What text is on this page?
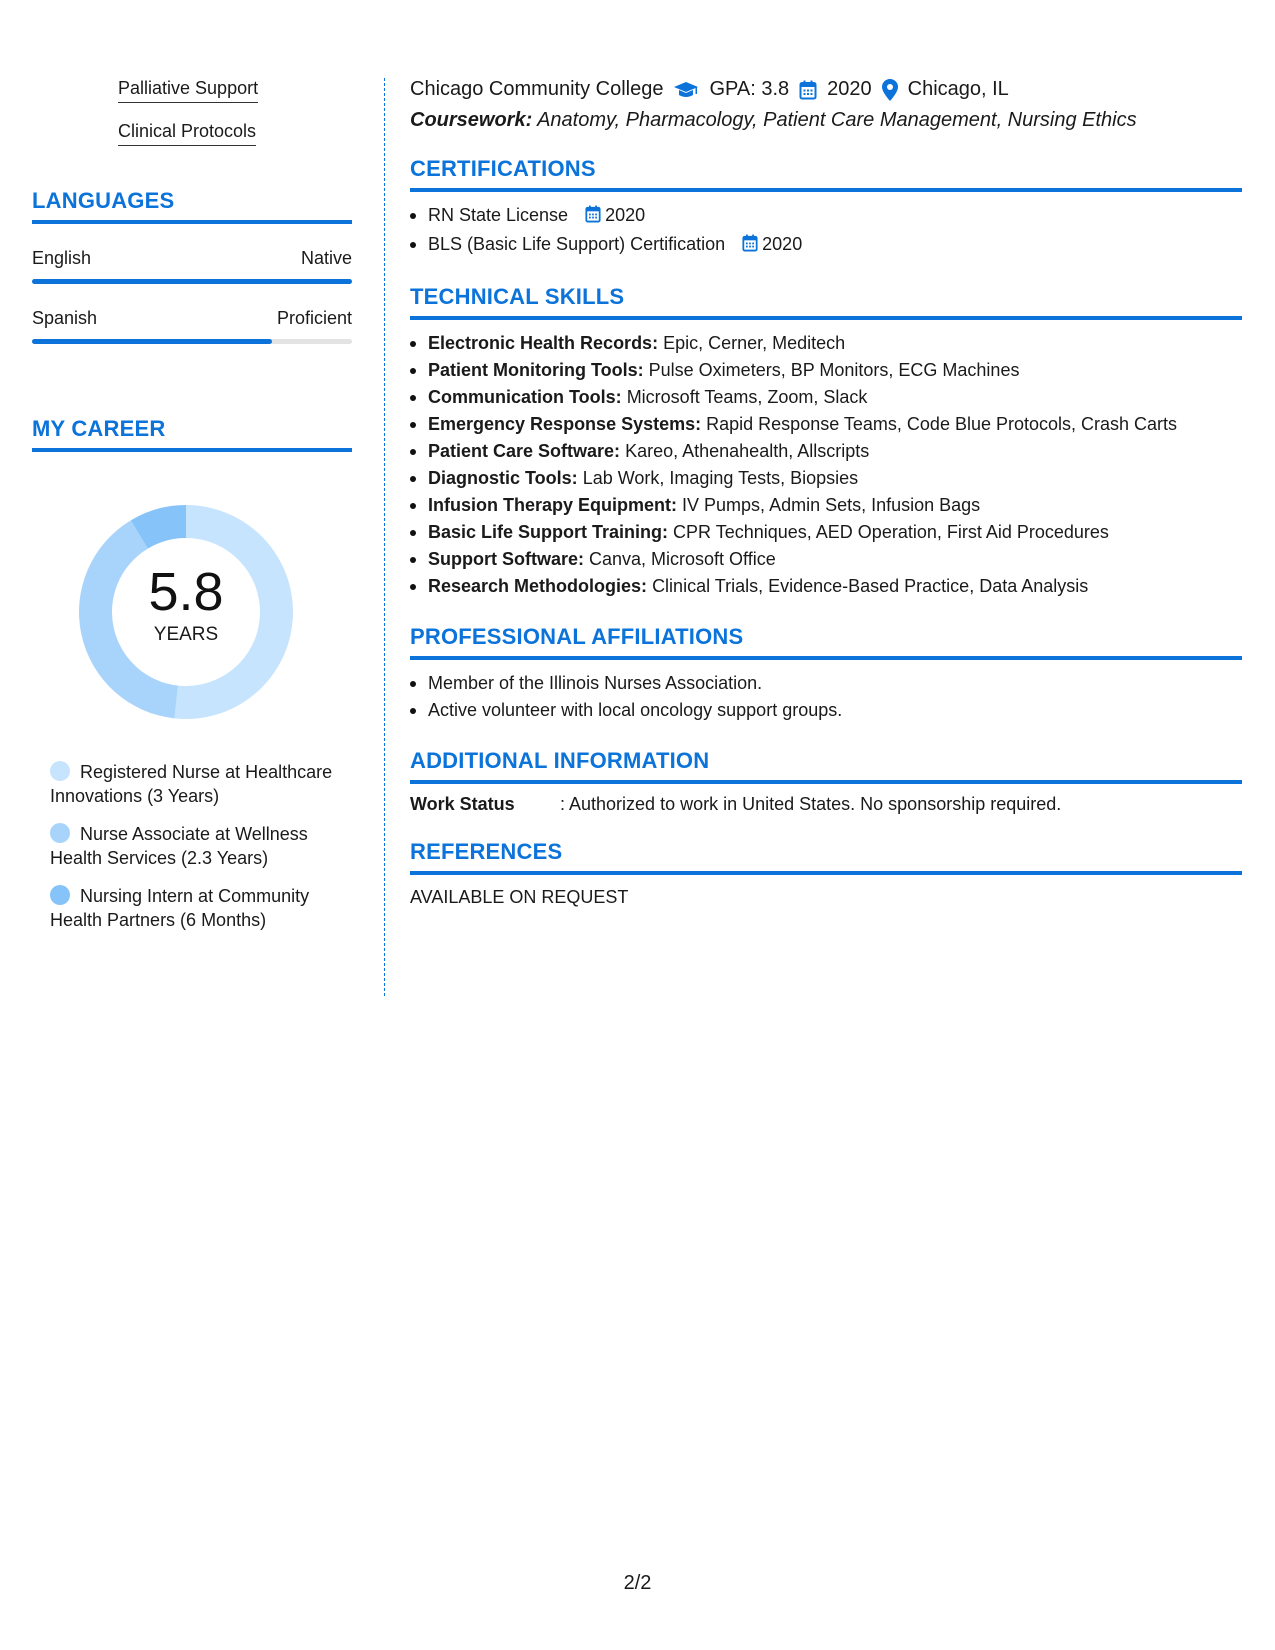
Palliative Support
Clinical Protocols
LANGUAGES
English	Native
Spanish	Proficient
MY CAREER
5.8
YEARS
Registered Nurse at Healthcare Innovations (3 Years)
Nurse Associate at Wellness Health Services (2.3 Years)
Nursing Intern at Community Health Partners (6 Months)
Chicago Community College GPA: 3.8 2020 Chicago, IL
Coursework: Anatomy, Pharmacology, Patient Care Management, Nursing Ethics
CERTIFICATIONS
RN State License 2020
BLS (Basic Life Support) Certification 2020
TECHNICAL SKILLS
Electronic Health Records: Epic, Cerner, Meditech
Patient Monitoring Tools: Pulse Oximeters, BP Monitors, ECG Machines
Communication Tools: Microsoft Teams, Zoom, Slack
Emergency Response Systems: Rapid Response Teams, Code Blue Protocols, Crash Carts
Patient Care Software: Kareo, Athenahealth, Allscripts
Diagnostic Tools: Lab Work, Imaging Tests, Biopsies
Infusion Therapy Equipment: IV Pumps, Admin Sets, Infusion Bags
Basic Life Support Training: CPR Techniques, AED Operation, First Aid Procedures
Support Software: Canva, Microsoft Office
Research Methodologies: Clinical Trials, Evidence-Based Practice, Data Analysis
PROFESSIONAL AFFILIATIONS
Member of the Illinois Nurses Association.
Active volunteer with local oncology support groups.
ADDITIONAL INFORMATION
Work Status	: Authorized to work in United States. No sponsorship required.
REFERENCES
AVAILABLE ON REQUEST
2/2
